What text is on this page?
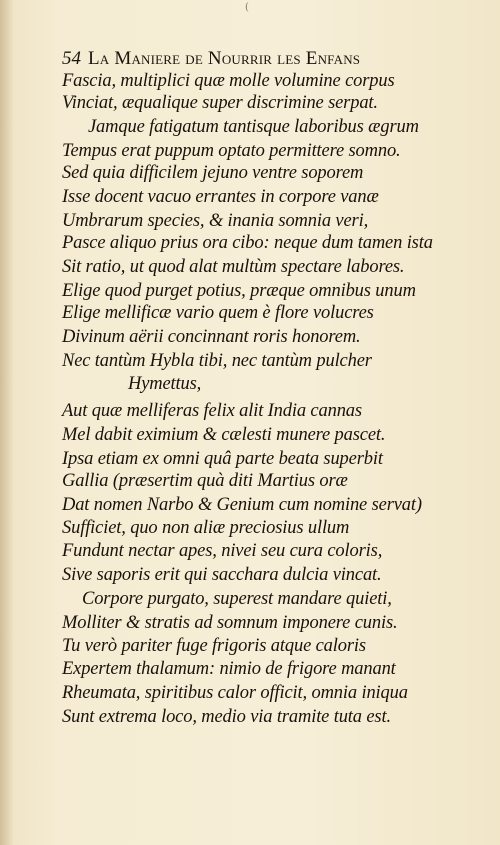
(
54 La Maniere de Nourrir les Enfans
Fascia, multiplici quæ molle volumine corpus
Vinciat, æqualique super discrimine serpat.
Jamque fatigatum tantisque laboribus ægrum
Tempus erat puppum optato permittere somno.
Sed quia difficilem jejuno ventre soporem
Isse docent vacuo errantes in corpore vanæ
Umbrarum species, & inania somnia veri,
Pasce aliquo prius ora cibo: neque dum tamen ista
Sit ratio, ut quod alat multùm spectare labores.
Elige quod purget potius, præque omnibus unum
Elige mellificæ vario quem è flore volucres
Divinum aërii concinnant roris honorem.
Nec tantùm Hybla tibi, nec tantùm pulcher
Hymettus,
Aut quæ melliferas felix alit India cannas
Mel dabit eximium & cælesti munere pascet.
Ipsa etiam ex omni quâ parte beata superbit
Gallia (præsertim quà diti Martius oræ
Dat nomen Narbo & Genium cum nomine servat)
Sufficiet, quo non aliæ preciosius ullum
Fundunt nectar apes, nivei seu cura coloris,
Sive saporis erit qui sacchara dulcia vincat.
Corpore purgato, superest mandare quieti,
Molliter & stratis ad somnum imponere cunis.
Tu verò pariter fuge frigoris atque caloris
Expertem thalamum: nimio de frigore manant
Rheumata, spiritibus calor officit, omnia iniqua
Sunt extrema loco, medio via tramite tuta est.
